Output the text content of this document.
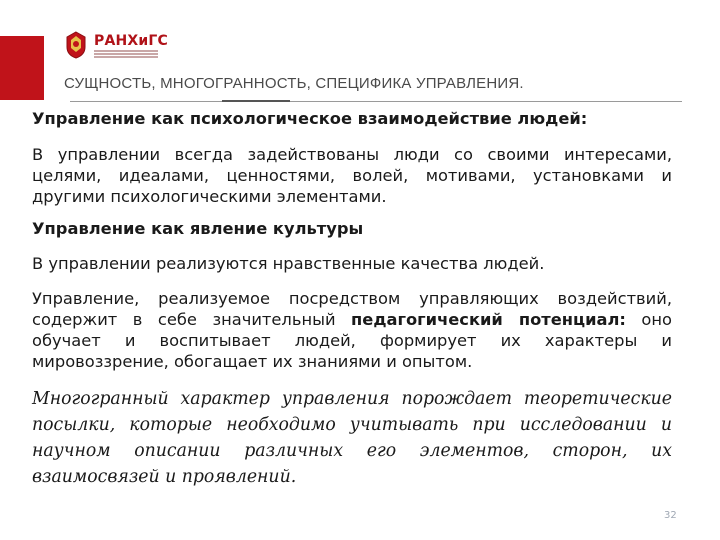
РАНХиГС
СУЩНОСТЬ, МНОГОГРАННОСТЬ, СПЕЦИФИКА УПРАВЛЕНИЯ.

Управление как психологическое взаимодействие людей:

В управлении всегда задействованы люди со своими интересами, целями, идеалами, ценностями, волей, мотивами, установками и другими психологическими элементами.

Управление как явление культуры

В управлении реализуются нравственные качества людей.

Управление, реализуемое посредством управляющих воздействий, содержит в себе значительный педагогический потенциал: оно обучает и воспитывает людей, формирует их характеры и мировоззрение, обогащает их знаниями и опытом.

Многогранный характер управления порождает теоретические посылки, которые необходимо учитывать при исследовании и научном описании различных его элементов, сторон, их взаимосвязей и проявлений.

32
